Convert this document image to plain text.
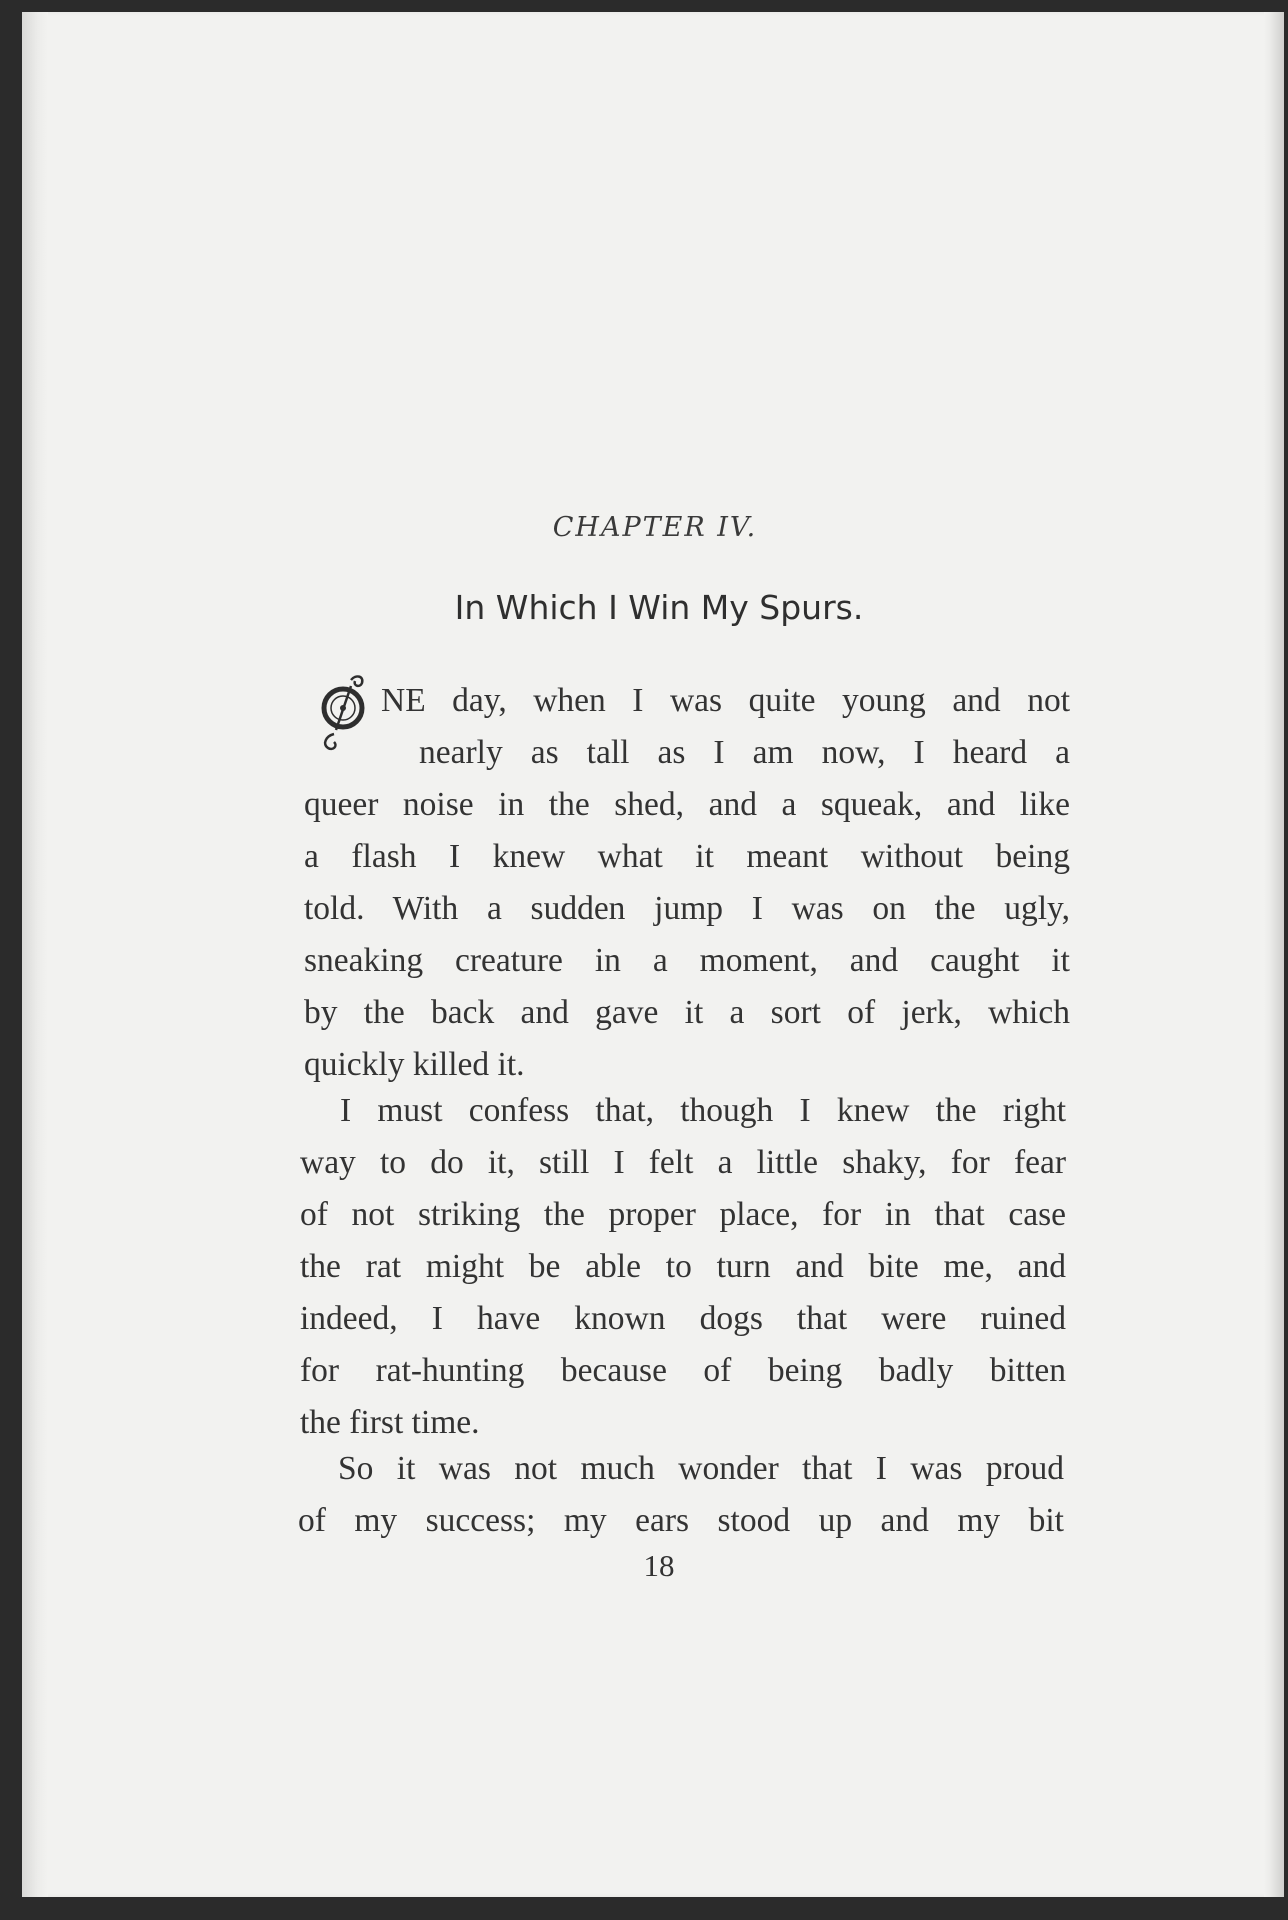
CHAPTER IV.
In Which I Win My Spurs.
NE day, when I was quite young and not
nearly as tall as I am now, I heard a
queer noise in the shed, and a squeak, and like
a flash I knew what it meant without being
told. With a sudden jump I was on the ugly,
sneaking creature in a moment, and caught it
by the back and gave it a sort of jerk, which
quickly killed it.
I must confess that, though I knew the right
way to do it, still I felt a little shaky, for fear
of not striking the proper place, for in that case
the rat might be able to turn and bite me, and
indeed, I have known dogs that were ruined
for rat-hunting because of being badly bitten
the first time.
So it was not much wonder that I was proud
of my success; my ears stood up and my bit
18
